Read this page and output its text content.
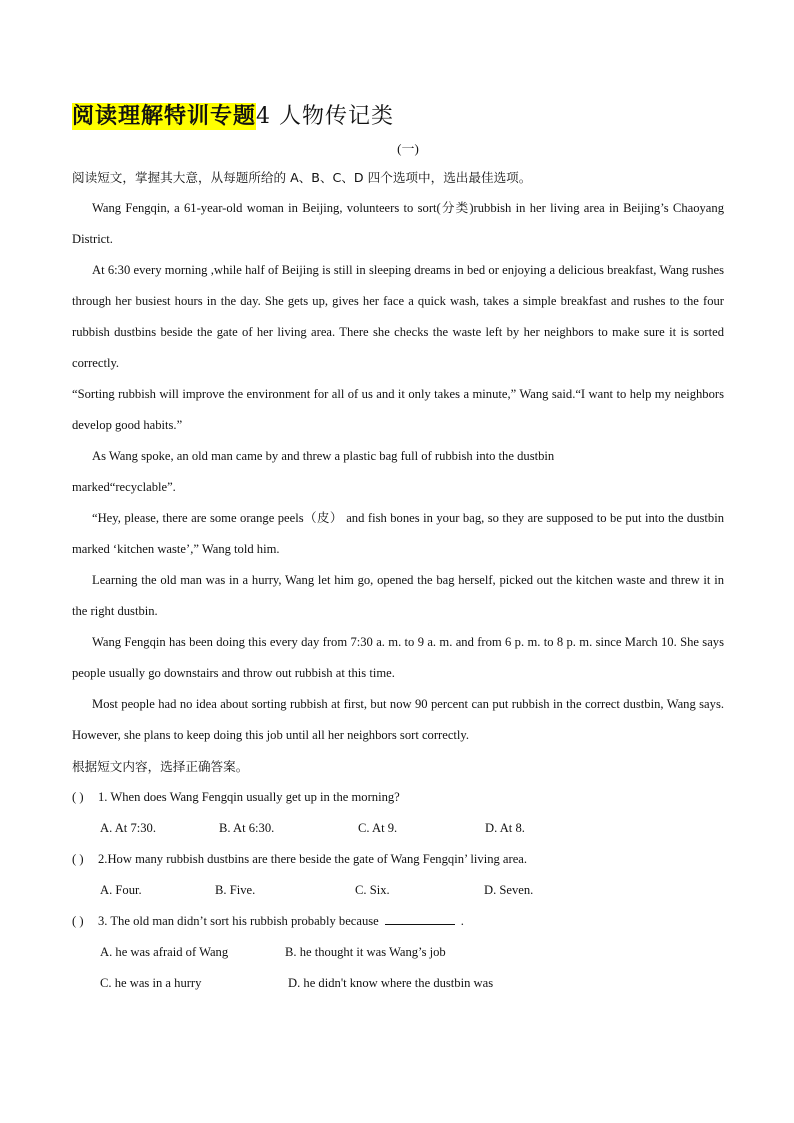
阅读理解特训专题4 人物传记类
(一)

阅读短文，掌握其大意，从每题所给的 A、B、C、D 四个选项中，选出最佳选项。

Wang Fengqin, a 61-year-old woman in Beijing, volunteers to sort(分类)rubbish in her living area in Beijing’s Chaoyang District.

At 6:30 every morning ,while half of Beijing is still in sleeping dreams in bed or enjoying a delicious breakfast, Wang rushes through her busiest hours in the day. She gets up, gives her face a quick wash, takes a simple breakfast and rushes to the four rubbish dustbins beside the gate of her living area. There she checks the waste left by her neighbors to make sure it is sorted correctly.

“Sorting rubbish will improve the environment for all of us and it only takes a minute,” Wang said.“I want to help my neighbors develop good habits.”

As Wang spoke, an old man came by and threw a plastic bag full of rubbish into the dustbin

marked“recyclable”.

“Hey, please, there are some orange peels（皮） and fish bones in your bag, so they are supposed to be put into the dustbin marked ‘kitchen waste’,” Wang told him.

Learning the old man was in a hurry, Wang let him go, opened the bag herself, picked out the kitchen waste and threw it in the right dustbin.

Wang Fengqin has been doing this every day from 7:30 a. m. to 9 a. m. and from 6 p. m. to 8 p. m. since March 10. She says people usually go downstairs and throw out rubbish at this time.

Most people had no idea about sorting rubbish at first, but now 90 percent can put rubbish in the correct dustbin, Wang says. However, she plans to keep doing this job until all her neighbors sort correctly.

根据短文内容，选择正确答案。

( ) 1. When does Wang Fengqin usually get up in the morning?
A. At 7:30.	B. At 6:30.	C. At 9.	D. At 8.
( ) 2.How many rubbish dustbins are there beside the gate of Wang Fengqin’ living area.
A. Four.	B. Five.	C. Six.	D. Seven.
( ) 3. The old man didn’t sort his rubbish probably because	.
A. he was afraid of Wang	B. he thought it was Wang’s job
C. he was in a hurry	D. he didn't know where the dustbin was
